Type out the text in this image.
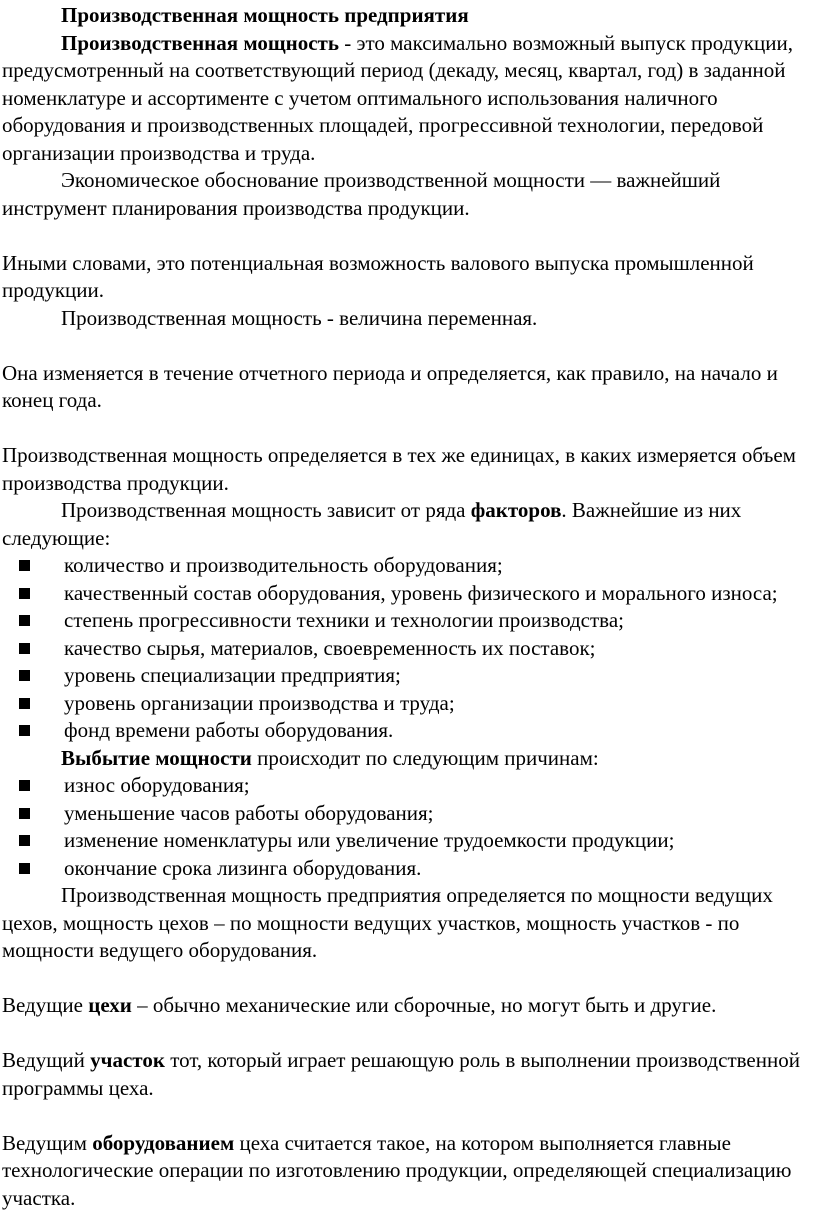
Производственная мощность предприятия

Производственная мощность - это максимально возможный выпуск продукции, предусмотренный на соответствующий период (декаду, месяц, квартал, год) в заданной номенклатуре и ассортименте с учетом оптимального использования наличного оборудования и производственных площадей, прогрессивной технологии, передовой организации производства и труда.

Экономическое обоснование производственной мощности — важнейший инструмент планирования производства продукции.

Иными словами, это потенциальная возможность валового выпуска промышленной продукции.

Производственная мощность - величина переменная.

Она изменяется в течение отчетного периода и определяется, как правило, на начало и конец года.

Производственная мощность определяется в тех же единицах, в каких измеряется объем производства продукции.

Производственная мощность зависит от ряда факторов. Важнейшие из них следующие:

количество и производительность оборудования;
качественный состав оборудования, уровень физического и морального износа;
степень прогрессивности техники и технологии производства;
качество сырья, материалов, своевременность их поставок;
уровень специализации предприятия;
уровень организации производства и труда;
фонд времени работы оборудования.

Выбытие мощности происходит по следующим причинам:

износ оборудования;
уменьшение часов работы оборудования;
изменение номенклатуры или увеличение трудоемкости продукции;
окончание срока лизинга оборудования.

Производственная мощность предприятия определяется по мощности ведущих цехов, мощность цехов – по мощности ведущих участков, мощность участков - по мощности ведущего оборудования.

Ведущие цехи – обычно механические или сборочные, но могут быть и другие.

Ведущий участок тот, который играет решающую роль в выполнении производственной программы цеха.

Ведущим оборудованием цеха считается такое, на котором выполняется главные технологические операции по изготовлению продукции, определяющей специализацию участка.
